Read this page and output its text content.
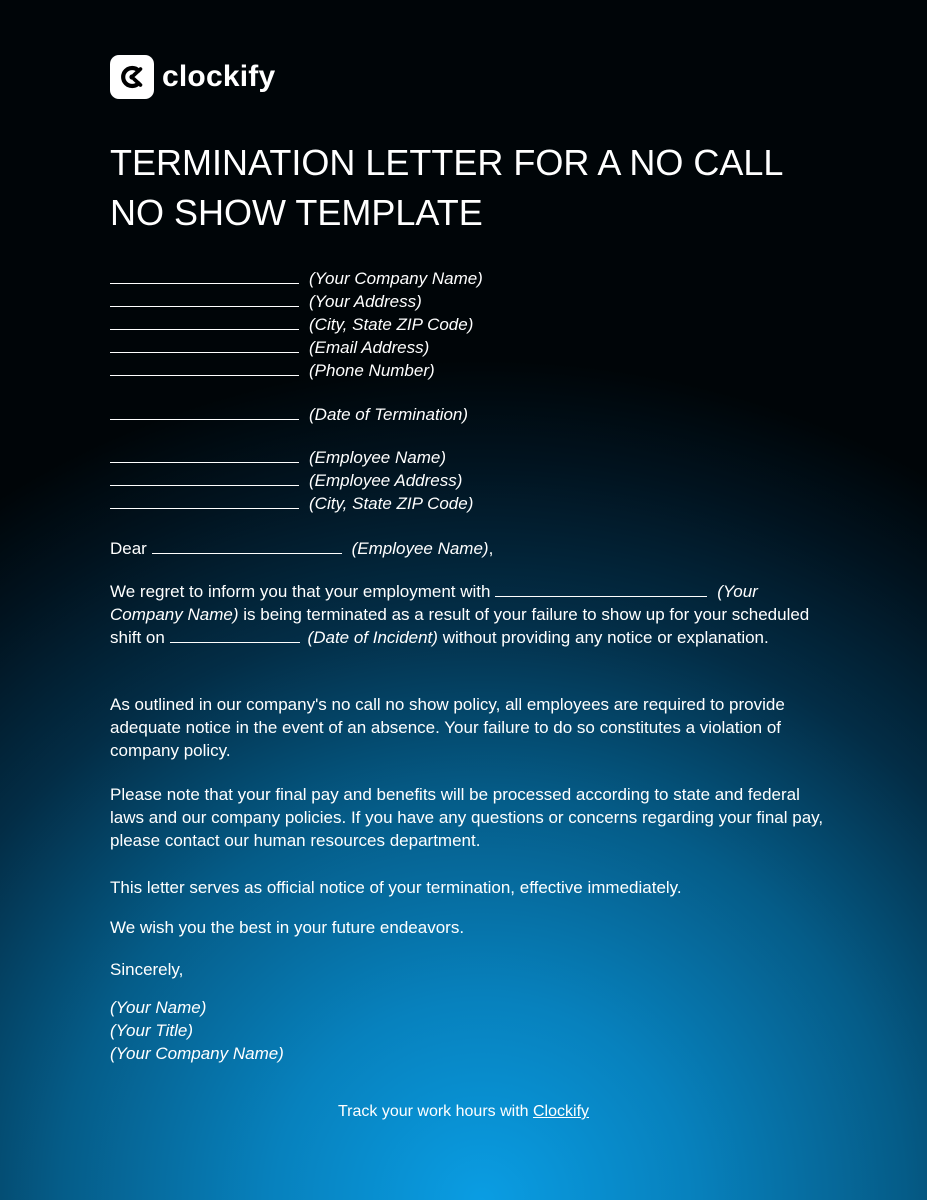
clockify
TERMINATION LETTER FOR A NO CALL NO SHOW TEMPLATE
(Your Company Name)
(Your Address)
(City, State ZIP Code)
(Email Address)
(Phone Number)
(Date of Termination)
(Employee Name)
(Employee Address)
(City, State ZIP Code)
Dear	(Employee Name),

We regret to inform you that your employment with	(Your Company Name) is being terminated as a result of your failure to show up for your scheduled shift on	(Date of Incident) without providing any notice or explanation.

As outlined in our company's no call no show policy, all employees are required to provide adequate notice in the event of an absence. Your failure to do so constitutes a violation of company policy.

Please note that your final pay and benefits will be processed according to state and federal laws and our company policies. If you have any questions or concerns regarding your final pay, please contact our human resources department.

This letter serves as official notice of your termination, effective immediately.

We wish you the best in your future endeavors.

Sincerely,

(Your Name)
(Your Title)
(Your Company Name)
Track your work hours with Clockify
